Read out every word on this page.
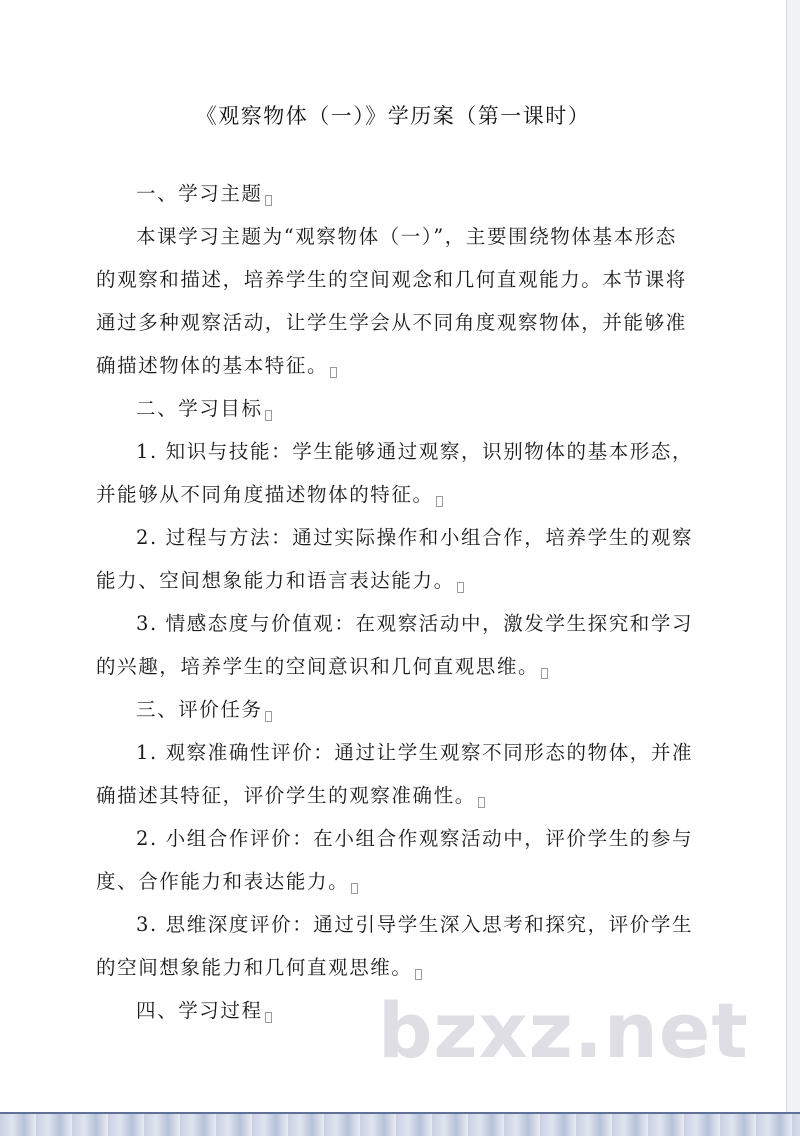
《观察物体（一）》学历案（第一课时）
一、学习主题
本课学习主题为“观察物体（一）”，主要围绕物体基本形态
的观察和描述，培养学生的空间观念和几何直观能力。本节课将
通过多种观察活动，让学生学会从不同角度观察物体，并能够准
确描述物体的基本特征。
二、学习目标
1. 知识与技能：学生能够通过观察，识别物体的基本形态，
并能够从不同角度描述物体的特征。
2. 过程与方法：通过实际操作和小组合作，培养学生的观察
能力、空间想象能力和语言表达能力。
3. 情感态度与价值观：在观察活动中，激发学生探究和学习
的兴趣，培养学生的空间意识和几何直观思维。
三、评价任务
1. 观察准确性评价：通过让学生观察不同形态的物体，并准
确描述其特征，评价学生的观察准确性。
2. 小组合作评价：在小组合作观察活动中，评价学生的参与
度、合作能力和表达能力。
3. 思维深度评价：通过引导学生深入思考和探究，评价学生
的空间想象能力和几何直观思维。
四、学习过程 bzxz.net
